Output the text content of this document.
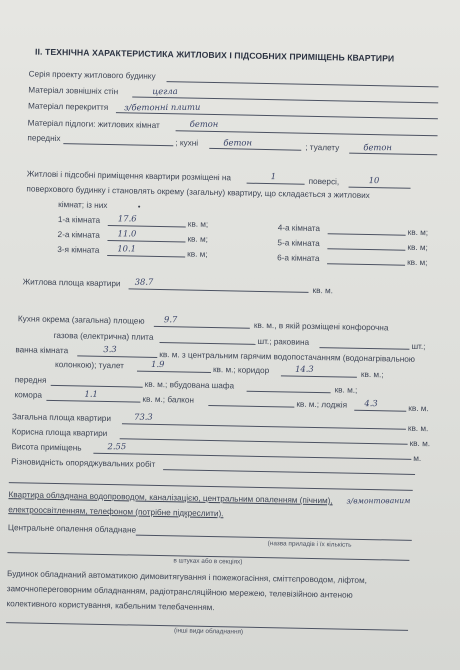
ІІ. ТЕХНІЧНА ХАРАКТЕРИСТИКА ЖИТЛОВИХ І ПІДСОБНИХ ПРИМІЩЕНЬ КВАРТИРИ
Серія проекту житлового будинку
Матеріал зовнішніх стін	цегла
Матеріал перекриття з/бетонні плити
Матеріал підлоги: житлових кімнат	бетон
передніх	; кухні	бетон
; туалету	бетон
Житлові і підсобні приміщення квартири розміщені на	1
поверсі,	10
поверхового будинку і становлять окрему (загальну) квартиру, що складається з житлових
кімнат; із них
1-а кімната 17.6
кв. м;
2-а кімната 11.0
кв. м;
3-я кімната 10.1
кв. м;
4-а кімната	кв. м;
5-а кімната	кв. м;
6-а кімната	кв. м;
Житлова площа квартири 38.7
кв. м.
Кухня окрема (загальна) площею 9.7
кв. м., в якій розміщені конфорочна
газова (електрична) плита	шт.; раковина	шт.;
ванна кімната	3.3
кв. м. з центральним гарячим водопостачанням (водонагрівальною
колонкою); туалет	1.9
кв. м.; коридор	14.3
кв. м.;
передня	кв. м.; вбудована шафа	кв. м.;
комора	1.1
кв. м.; балкон	кв. м.; лоджія 4.3
кв. м.
Загальна площа квартири	73.3
кв. м.
Корисна площа квартири
кв. м.
Висота приміщень	2.55
м.
Різновидність опоряджувальних робіт
Квартира обладнана водопроводом, каналізацією, центральним опаленням (пічним), з/вмонтованим
електроосвітленням, телефоном (потрібне підкреслити).
Центральне опалення обладнане
(назва приладів і їх кількість
в штуках або в секціях)
Будинок обладнаний автоматикою димовитягування і пожежогасіння, сміттєпроводом, ліфтом,
замочнопереговорним обладнанням, радіотрансляційною мережею, телевізійною антеною
колективного користування, кабельним телебаченням.
(інші види обладнання)
